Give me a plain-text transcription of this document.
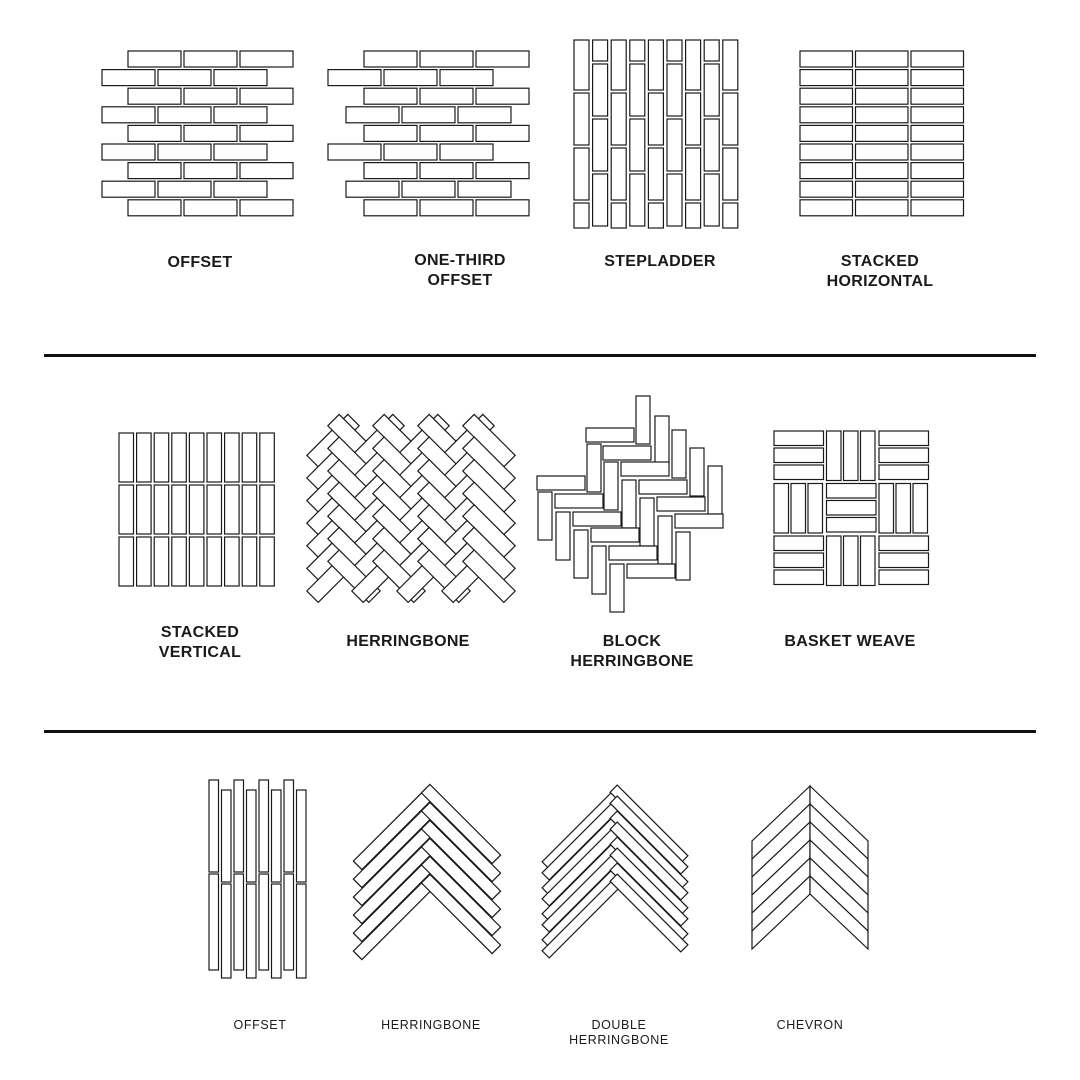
OFFSET	ONE-THIRD
OFFSET
STEPLADDER	STACKED
HORIZONTAL
STACKED
VERTICAL
HERRINGBONE	BLOCK
HERRINGBONE
BASKET WEAVE
OFFSET	HERRINGBONE	DOUBLE
HERRINGBONE
CHEVRON
